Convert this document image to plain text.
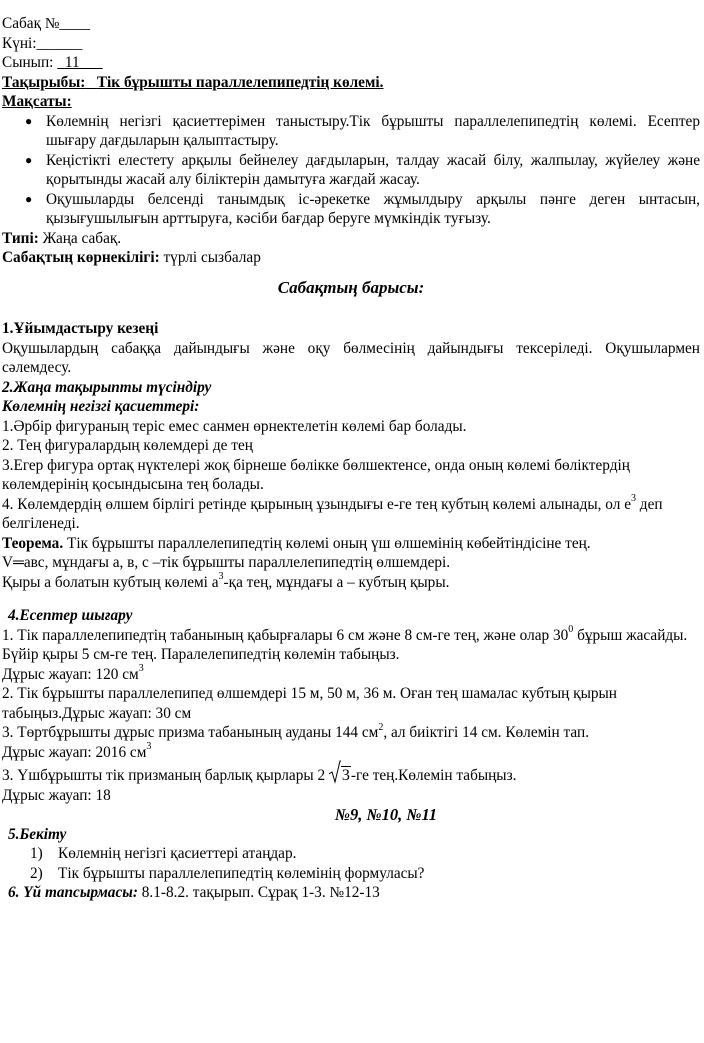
Сабақ №____

Күні:______

Сынып:   11___

Тақырыбы: Тік бұрышты параллелепипедтің көлемі.

Мақсаты:

● Көлемнің негізгі қасиеттерімен таныстыру.Тік бұрышты параллелепипедтің көлемі. Есептер шығару дағдыларын қалыптастыру.
● Кеңістікті елестету арқылы бейнелеу дағдыларын, талдау жасай білу, жалпылау, жүйелеу және қорытынды жасай алу біліктерін дамытуға жағдай жасау.
● Оқушыларды белсенді танымдық іс-әрекетке жұмылдыру арқылы пәнге деген ынтасын, қызығушылығын арттыруға, кәсіби бағдар беруге мүмкіндік туғызу.

Типі: Жаңа сабақ.

Сабақтың көрнекілігі: түрлі сызбалар

Сабақтың барысы:

1.Ұйымдастыру кезеңі

Оқушылардың сабаққа дайындығы және оқу бөлмесінің дайындығы тексеріледі. Оқушылармен сәлемдесу.

2.Жаңа тақырыпты түсіндіру

Көлемнің негізгі қасиеттері:

1.Әрбір фигураның теріс емес санмен өрнектелетін көлемі бар болады.

2. Тең фигуралардың көлемдері де тең

3.Егер фигура ортақ нүктелері жоқ бірнеше бөлікке бөлшектенсе, онда оның көлемі бөліктердің көлемдерінің қосындысына тең болады.

4. Көлемдердің өлшем бірлігі ретінде қырының ұзындығы е-ге тең кубтың көлемі алынады, ол $е^3$ деп белгіленеді.

Теорема. Тік бұрышты параллелепипедтің көлемі оның үш өлшемінің көбейтіндісіне тең.

V═авс, мұндағы а, в, с –тік бұрышты параллелепипедтің өлшемдері.

Қыры а болатын кубтың көлемі $а^3-қа$ тең, мұндағы а – кубтың қыры.

4.Есептер шығару

1. Тік параллелепипедтің табанының қабырғалары 6 см және 8 см-ге тең, және олар $30^0$ бұрыш жасайды. Бүйір қыры 5 см-ге тең. Паралелепипедтің көлемін табыңыз.

Дұрыс жауап: 120 $см^3$

2. Тік бұрышты параллелепипед өлшемдері 15 м, 50 м, 36 м. Оған тең шамалас кубтың қырын табыңыз.Дұрыс жауап: 30 см

3. Төртбұрышты дұрыс призма табанының ауданы 144 $см^2$, ал биіктігі 14 см. Көлемін тап.

Дұрыс жауап: 2016 $см^3$

3. Үшбұрышты тік призманың барлық қырлары 2
3-ге тең.Көлемін табыңыз.

Дұрыс жауап: 18

№9, №10, №11

5.Бекіту

1) Көлемнің негізгі қасиеттері атаңдар.
2) Тік бұрышты параллелепипедтің көлемінің формуласы?

6. Үй тапсырмасы: 8.1-8.2. тақырып. Сұрақ 1-3. №12-13
